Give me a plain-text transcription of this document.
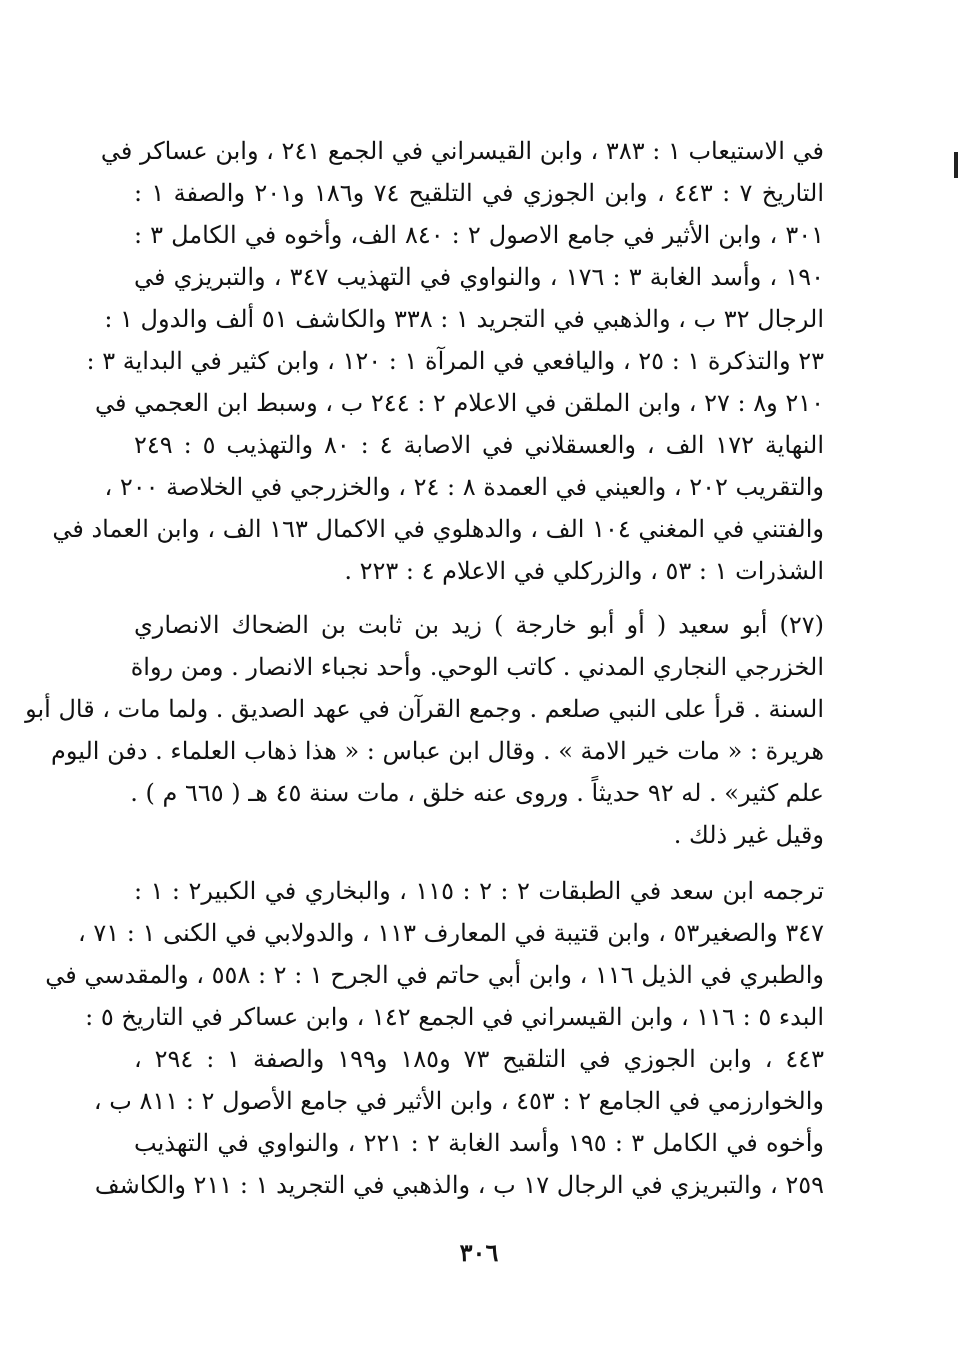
في الاستيعاب ١ : ٣٨٣ ، وابن القيسراني في الجمع ٢٤١ ، وابن عساكر في
التاريخ ٧ : ٤٤٣ ، وابن الجوزي في التلقيح ٧٤ و١٨٦ و٢٠١ والصفة ١ :
٣٠١ ، وابن الأثير في جامع الاصول ٢ : ٨٤٠ الف، وأخوه في الكامل ٣ :
١٩٠ ، وأسد الغابة ٣ : ١٧٦ ، والنواوي في التهذيب ٣٤٧ ، والتبريزي في
الرجال ٣٢ ب ، والذهبي في التجريد ١ : ٣٣٨ والكاشف ٥١ ألف والدول ١ :
٢٣ والتذكرة ١ : ٢٥ ، واليافعي في المرآة ١ : ١٢٠ ، وابن كثير في البداية ٣ :
٢١٠ و٨ : ٢٧ ، وابن الملقن في الاعلام ٢ : ٢٤٤ ب ، وسبط ابن العجمي في
النهاية ١٧٢ الف ، والعسقلاني في الاصابة ٤ : ٨٠ والتهذيب ٥ : ٢٤٩
والتقريب ٢٠٢ ، والعيني في العمدة ٨ : ٢٤ ، والخزرجي في الخلاصة ٢٠٠ ،
والفتني في المغني ١٠٤ الف ، والدهلوي في الاكمال ١٦٣ الف ، وابن العماد في
الشذرات ١ : ٥٣ ، والزركلي في الاعلام ٤ : ٢٢٣ .
(٢٧) أبو سعيد ( أو أبو خارجة ) زيد بن ثابت بن الضحاك الانصاري
الخزرجي النجاري المدني . كاتب الوحي. وأحد نجباء الانصار . ومن رواة
السنة . قرأ على النبي صلعم . وجمع القرآن في عهد الصديق . ولما مات ، قال أبو
هريرة : « مات خير الامة » . وقال ابن عباس : « هذا ذهاب العلماء . دفن اليوم
علم كثير» . له ٩٢ حديثاً . وروى عنه خلق ، مات سنة ٤٥ هـ ( ٦٦٥ م ) .
وقيل غير ذلك .
ترجمه ابن سعد في الطبقات ٢ : ٢ : ١١٥ ، والبخاري في الكبير٢ : ١ :
٣٤٧ والصغير٥٣ ، وابن قتيبة في المعارف ١١٣ ، والدولابي في الكنى ١ : ٧١ ،
والطبري في الذيل ١١٦ ، وابن أبي حاتم في الجرح ١ : ٢ : ٥٥٨ ، والمقدسي في
البدء ٥ : ١١٦ ، وابن القيسراني في الجمع ١٤٢ ، وابن عساكر في التاريخ ٥ :
٤٤٣ ، وابن الجوزي في التلقيح ٧٣ و١٨٥ و١٩٩ والصفة ١ : ٢٩٤ ،
والخوارزمي في الجامع ٢ : ٤٥٣ ، وابن الأثير في جامع الأصول ٢ : ٨١١ ب ،
وأخوه في الكامل ٣ : ١٩٥ وأسد الغابة ٢ : ٢٢١ ، والنواوي في التهذيب
٢٥٩ ، والتبريزي في الرجال ١٧ ب ، والذهبي في التجريد ١ : ٢١١ والكاشف
٣٠٦
